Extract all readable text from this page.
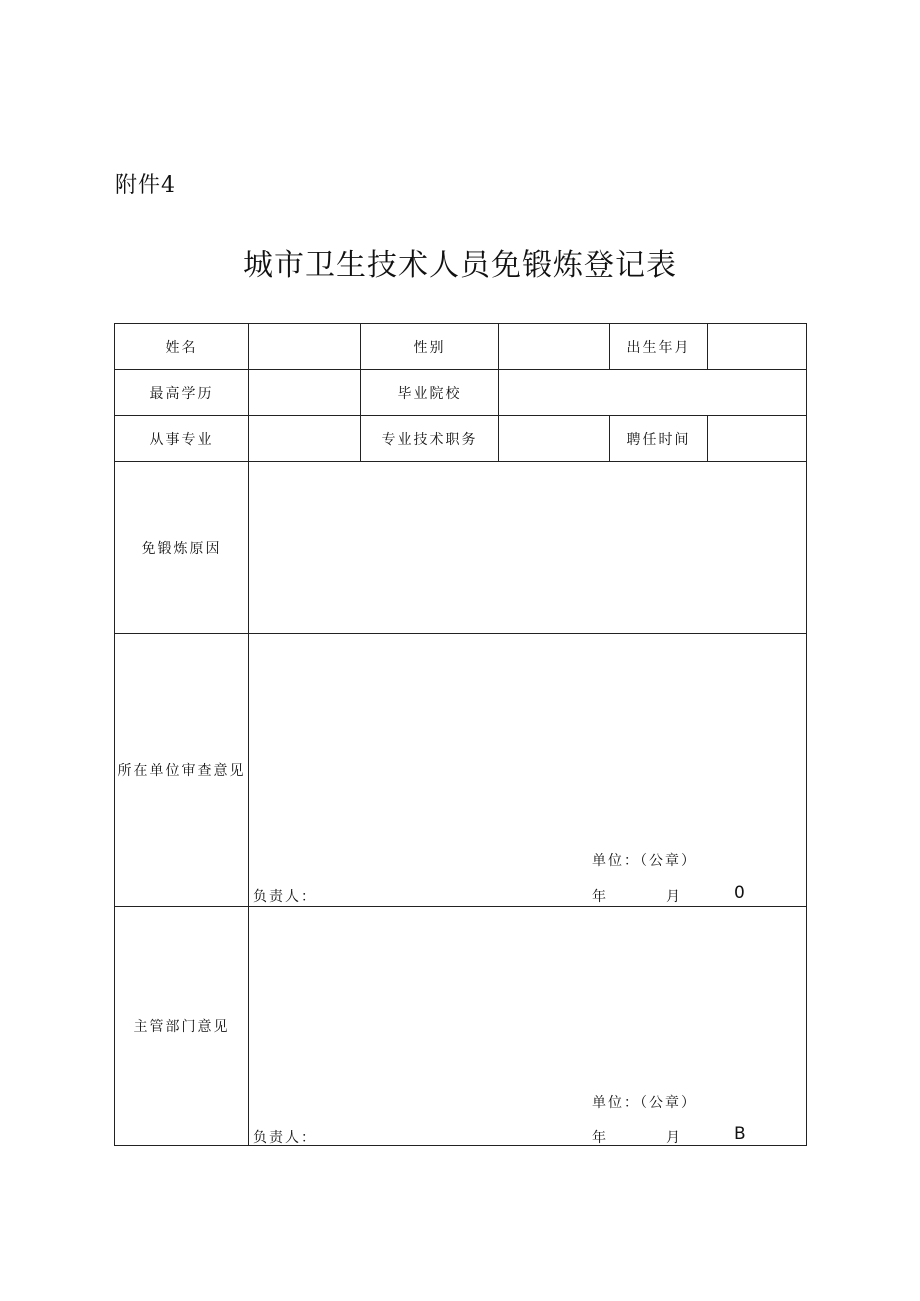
附件4
城市卫生技术人员免锻炼登记表
姓名		性别		出生年月	
最高学历		毕业院校			
从事专业		专业技术职务		聘任时间	
免锻炼原因					
所在单位审查意见	单位：（公章）
负责人： 年 月 0				

主管部门意见	单位：（公章）
负责人： 年 月 B				
